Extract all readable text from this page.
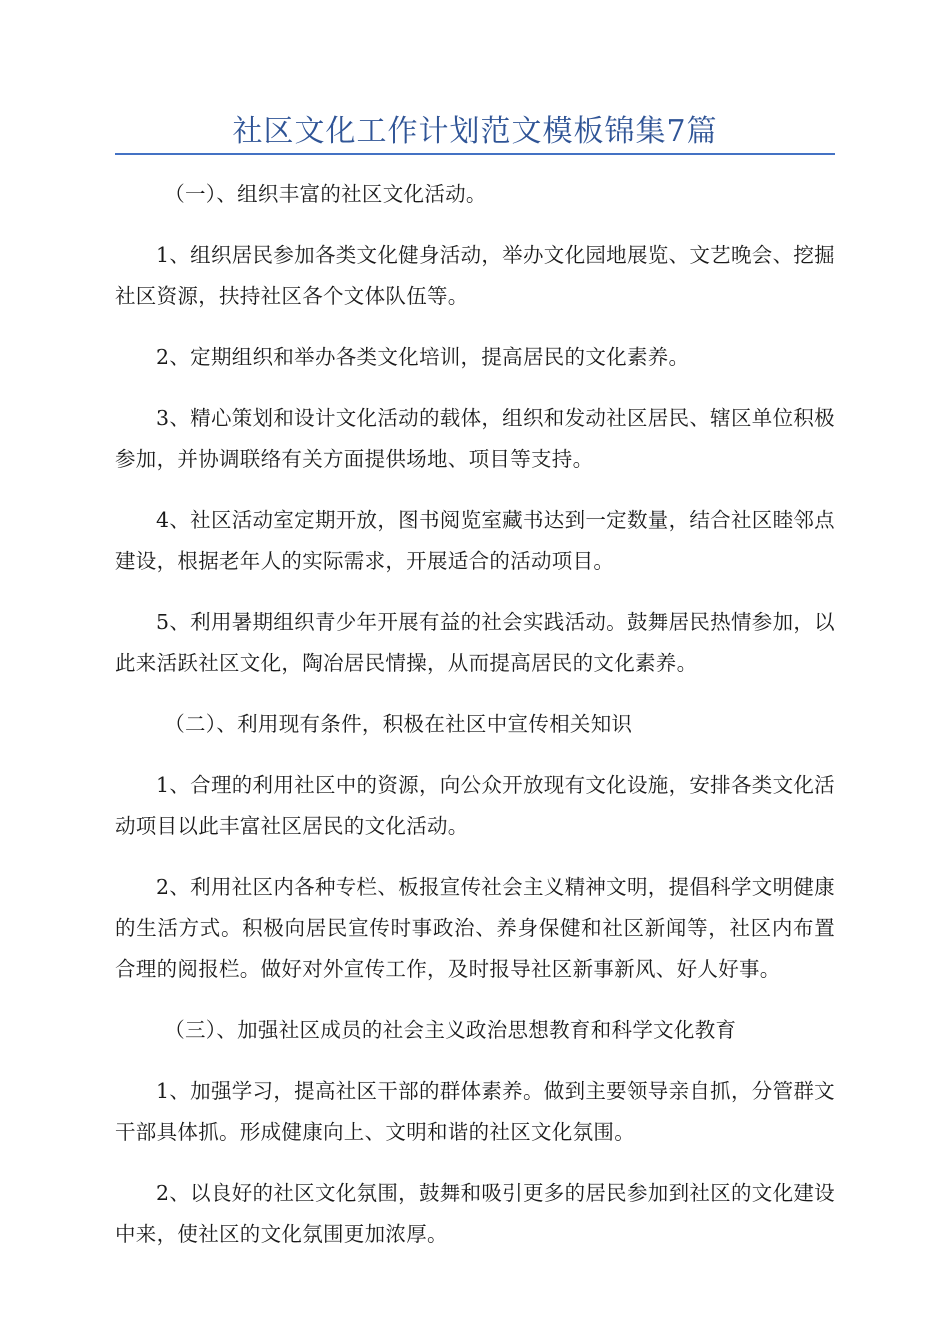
社区文化工作计划范文模板锦集7篇

（一）、组织丰富的社区文化活动。

1、组织居民参加各类文化健身活动，举办文化园地展览、文艺晚会、挖掘社区资源，扶持社区各个文体队伍等。

2、定期组织和举办各类文化培训，提高居民的文化素养。

3、精心策划和设计文化活动的载体，组织和发动社区居民、辖区单位积极参加，并协调联络有关方面提供场地、项目等支持。

4、社区活动室定期开放，图书阅览室藏书达到一定数量，结合社区睦邻点建设，根据老年人的实际需求，开展适合的活动项目。

5、利用暑期组织青少年开展有益的社会实践活动。鼓舞居民热情参加，以此来活跃社区文化，陶冶居民情操，从而提高居民的文化素养。

（二）、利用现有条件，积极在社区中宣传相关知识

1、合理的利用社区中的资源，向公众开放现有文化设施，安排各类文化活动项目以此丰富社区居民的文化活动。

2、利用社区内各种专栏、板报宣传社会主义精神文明，提倡科学文明健康的生活方式。积极向居民宣传时事政治、养身保健和社区新闻等，社区内布置合理的阅报栏。做好对外宣传工作，及时报导社区新事新风、好人好事。

（三）、加强社区成员的社会主义政治思想教育和科学文化教育

1、加强学习，提高社区干部的群体素养。做到主要领导亲自抓，分管群文干部具体抓。形成健康向上、文明和谐的社区文化氛围。

2、以良好的社区文化氛围，鼓舞和吸引更多的居民参加到社区的文化建设中来，使社区的文化氛围更加浓厚。
